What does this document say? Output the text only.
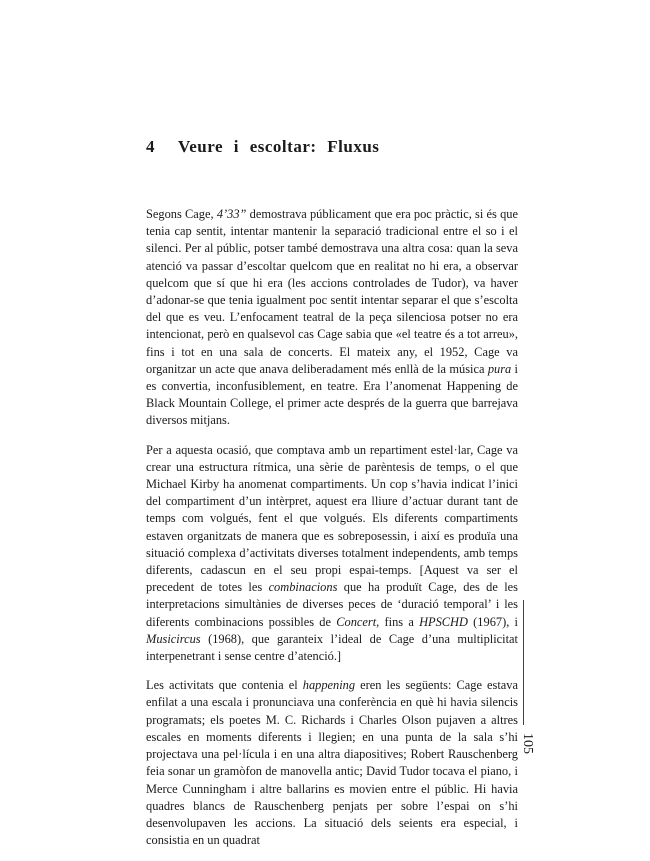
4 Veure i escoltar: Fluxus

Segons Cage, 4’33” demostrava públicament que era poc pràctic, si és que tenia cap sentit, intentar mantenir la separació tradicional entre el so i el silenci. Per al públic, potser també demostrava una altra cosa: quan la seva atenció va passar d’escoltar quelcom que en realitat no hi era, a observar quelcom que sí que hi era (les accions controlades de Tudor), va haver d’adonar-se que tenia igualment poc sentit intentar separar el que s’escolta del que es veu. L’enfocament teatral de la peça silenciosa potser no era intencionat, però en qualsevol cas Cage sabia que «el teatre és a tot arreu», fins i tot en una sala de concerts. El mateix any, el 1952, Cage va organitzar un acte que anava deliberadament més enllà de la música pura i es convertia, inconfusiblement, en teatre. Era l’anomenat Happening de Black Mountain College, el primer acte després de la guerra que barrejava diversos mitjans.

Per a aquesta ocasió, que comptava amb un repartiment estel·lar, Cage va crear una estructura rítmica, una sèrie de parèntesis de temps, o el que Michael Kirby ha anomenat compartiments. Un cop s’havia indicat l’inici del compartiment d’un intèrpret, aquest era lliure d’actuar durant tant de temps com volgués, fent el que volgués. Els diferents compartiments estaven organitzats de manera que es sobreposessin, i així es produïa una situació complexa d’activitats diverses totalment independents, amb temps diferents, cadascun en el seu propi espai-temps. [Aquest va ser el precedent de totes les combinacions que ha produït Cage, des de les interpretacions simultànies de diverses peces de ‘duració temporal’ i les diferents combinacions possibles de Concert, fins a HPSCHD (1967), i Musicircus (1968), que garanteix l’ideal de Cage d’una multiplicitat interpenetrant i sense centre d’atenció.]

Les activitats que contenia el happening eren les següents: Cage estava enfilat a una escala i pronunciava una conferència en què hi havia silencis programats; els poetes M. C. Richards i Charles Olson pujaven a altres escales en moments diferents i llegien; en una punta de la sala s’hi projectava una pel·lícula i en una altra diapositives; Robert Rauschenberg feia sonar un gramòfon de manovella antic; David Tudor tocava el piano, i Merce Cunningham i altre ballarins es movien entre el públic. Hi havia quadres blancs de Rauschenberg penjats per sobre l’espai on s’hi desenvolupaven les accions. La situació dels seients era especial, i consistia en un quadrat

105
